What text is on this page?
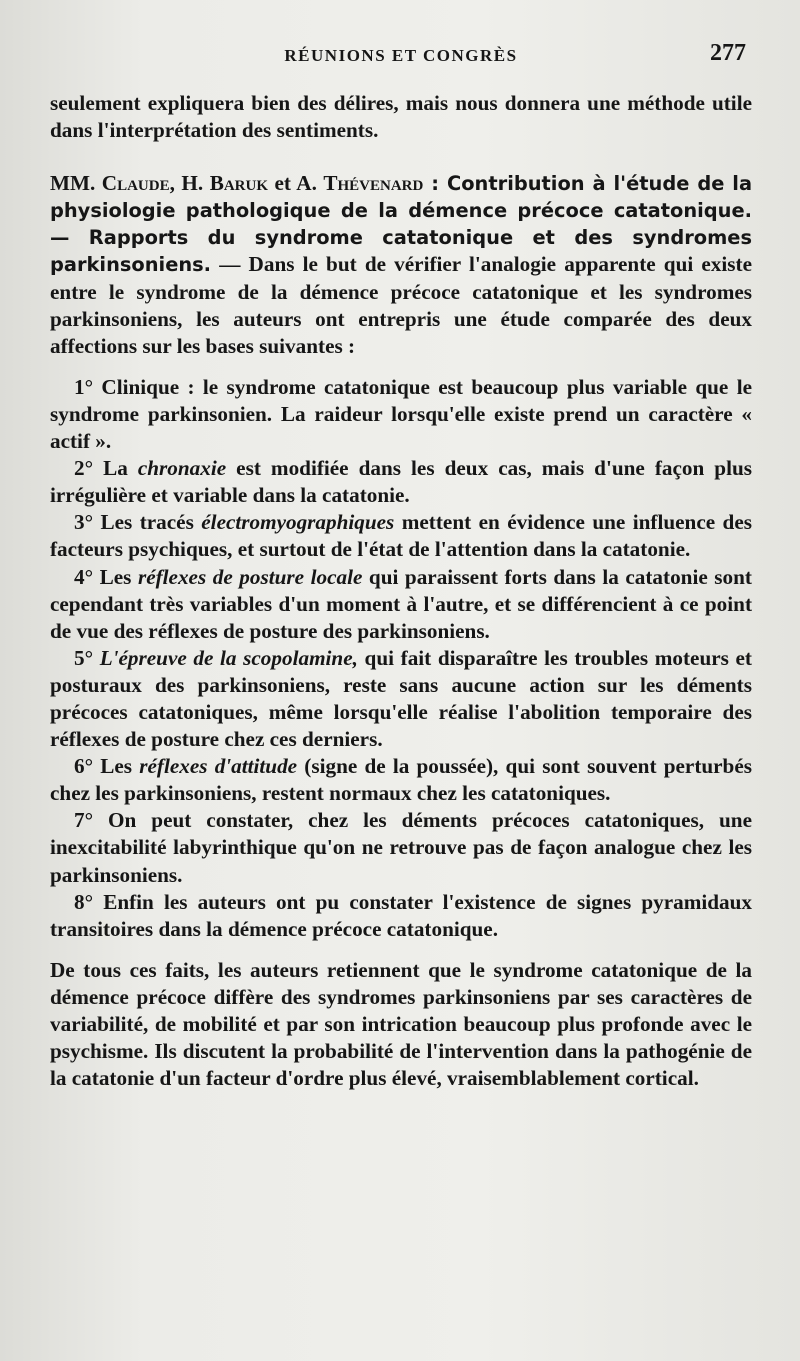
RÉUNIONS ET CONGRÈS	277

seulement expliquera bien des délires, mais nous donnera une méthode utile dans l'interprétation des sentiments.

MM. Claude, H. Baruk et A. Thévenard : Contribution à l'étude de la physiologie pathologique de la démence précoce catatonique. — Rapports du syndrome catatonique et des syndromes parkinsoniens. — Dans le but de vérifier l'analogie apparente qui existe entre le syndrome de la démence précoce catatonique et les syndromes parkinsoniens, les auteurs ont entrepris une étude comparée des deux affections sur les bases suivantes :

1° Clinique : le syndrome catatonique est beaucoup plus variable que le syndrome parkinsonien. La raideur lorsqu'elle existe prend un caractère « actif ».

2° La chronaxie est modifiée dans les deux cas, mais d'une façon plus irrégulière et variable dans la catatonie.

3° Les tracés électromyographiques mettent en évidence une influence des facteurs psychiques, et surtout de l'état de l'attention dans la catatonie.

4° Les réflexes de posture locale qui paraissent forts dans la catatonie sont cependant très variables d'un moment à l'autre, et se différencient à ce point de vue des réflexes de posture des parkinsoniens.

5° L'épreuve de la scopolamine, qui fait disparaître les troubles moteurs et posturaux des parkinsoniens, reste sans aucune action sur les déments précoces catatoniques, même lorsqu'elle réalise l'abolition temporaire des réflexes de posture chez ces derniers.

6° Les réflexes d'attitude (signe de la poussée), qui sont souvent perturbés chez les parkinsoniens, restent normaux chez les catatoniques.

7° On peut constater, chez les déments précoces catatoniques, une inexcitabilité labyrinthique qu'on ne retrouve pas de façon analogue chez les parkinsoniens.

8° Enfin les auteurs ont pu constater l'existence de signes pyramidaux transitoires dans la démence précoce catatonique.

De tous ces faits, les auteurs retiennent que le syndrome catatonique de la démence précoce diffère des syndromes parkinsoniens par ses caractères de variabilité, de mobilité et par son intrication beaucoup plus profonde avec le psychisme. Ils discutent la probabilité de l'intervention dans la pathogénie de la catatonie d'un facteur d'ordre plus élevé, vraisemblablement cortical.
